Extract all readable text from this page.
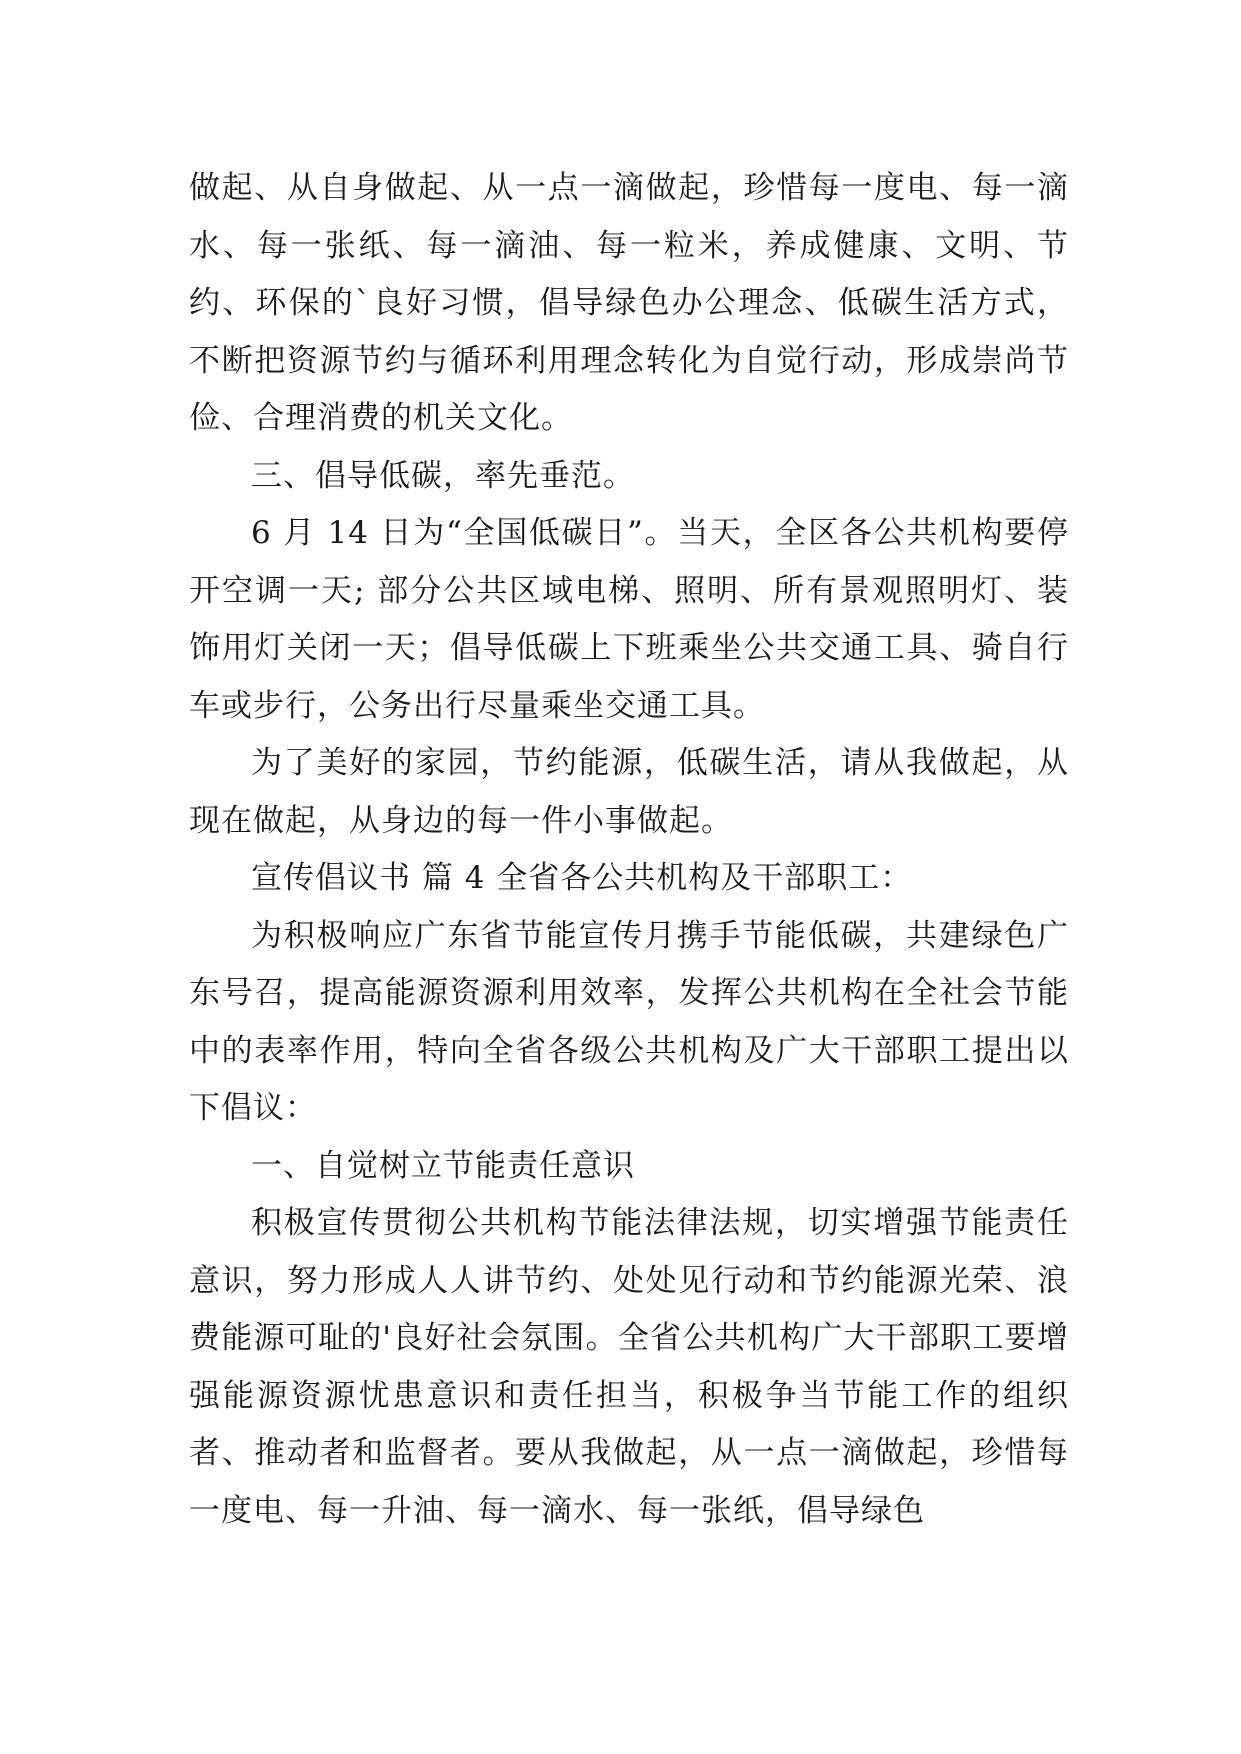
做起、从自身做起、从一点一滴做起，珍惜每一度电、每一滴水、每一张纸、每一滴油、每一粒米，养成健康、文明、节约、环保的`良好习惯，倡导绿色办公理念、低碳生活方式，不断把资源节约与循环利用理念转化为自觉行动，形成崇尚节俭、合理消费的机关文化。

三、倡导低碳，率先垂范。

6 月 14 日为“全国低碳日”。当天，全区各公共机构要停开空调一天; 部分公共区域电梯、照明、所有景观照明灯、装饰用灯关闭一天；倡导低碳上下班乘坐公共交通工具、骑自行车或步行，公务出行尽量乘坐交通工具。

为了美好的家园，节约能源，低碳生活，请从我做起，从现在做起，从身边的每一件小事做起。

宣传倡议书 篇 4 全省各公共机构及干部职工：

为积极响应广东省节能宣传月携手节能低碳，共建绿色广东号召，提高能源资源利用效率，发挥公共机构在全社会节能中的表率作用，特向全省各级公共机构及广大干部职工提出以下倡议：

一、自觉树立节能责任意识

积极宣传贯彻公共机构节能法律法规，切实增强节能责任意识，努力形成人人讲节约、处处见行动和节约能源光荣、浪费能源可耻的'良好社会氛围。全省公共机构广大干部职工要增强能源资源忧患意识和责任担当，积极争当节能工作的组织者、推动者和监督者。要从我做起，从一点一滴做起，珍惜每一度电、每一升油、每一滴水、每一张纸，倡导绿色
